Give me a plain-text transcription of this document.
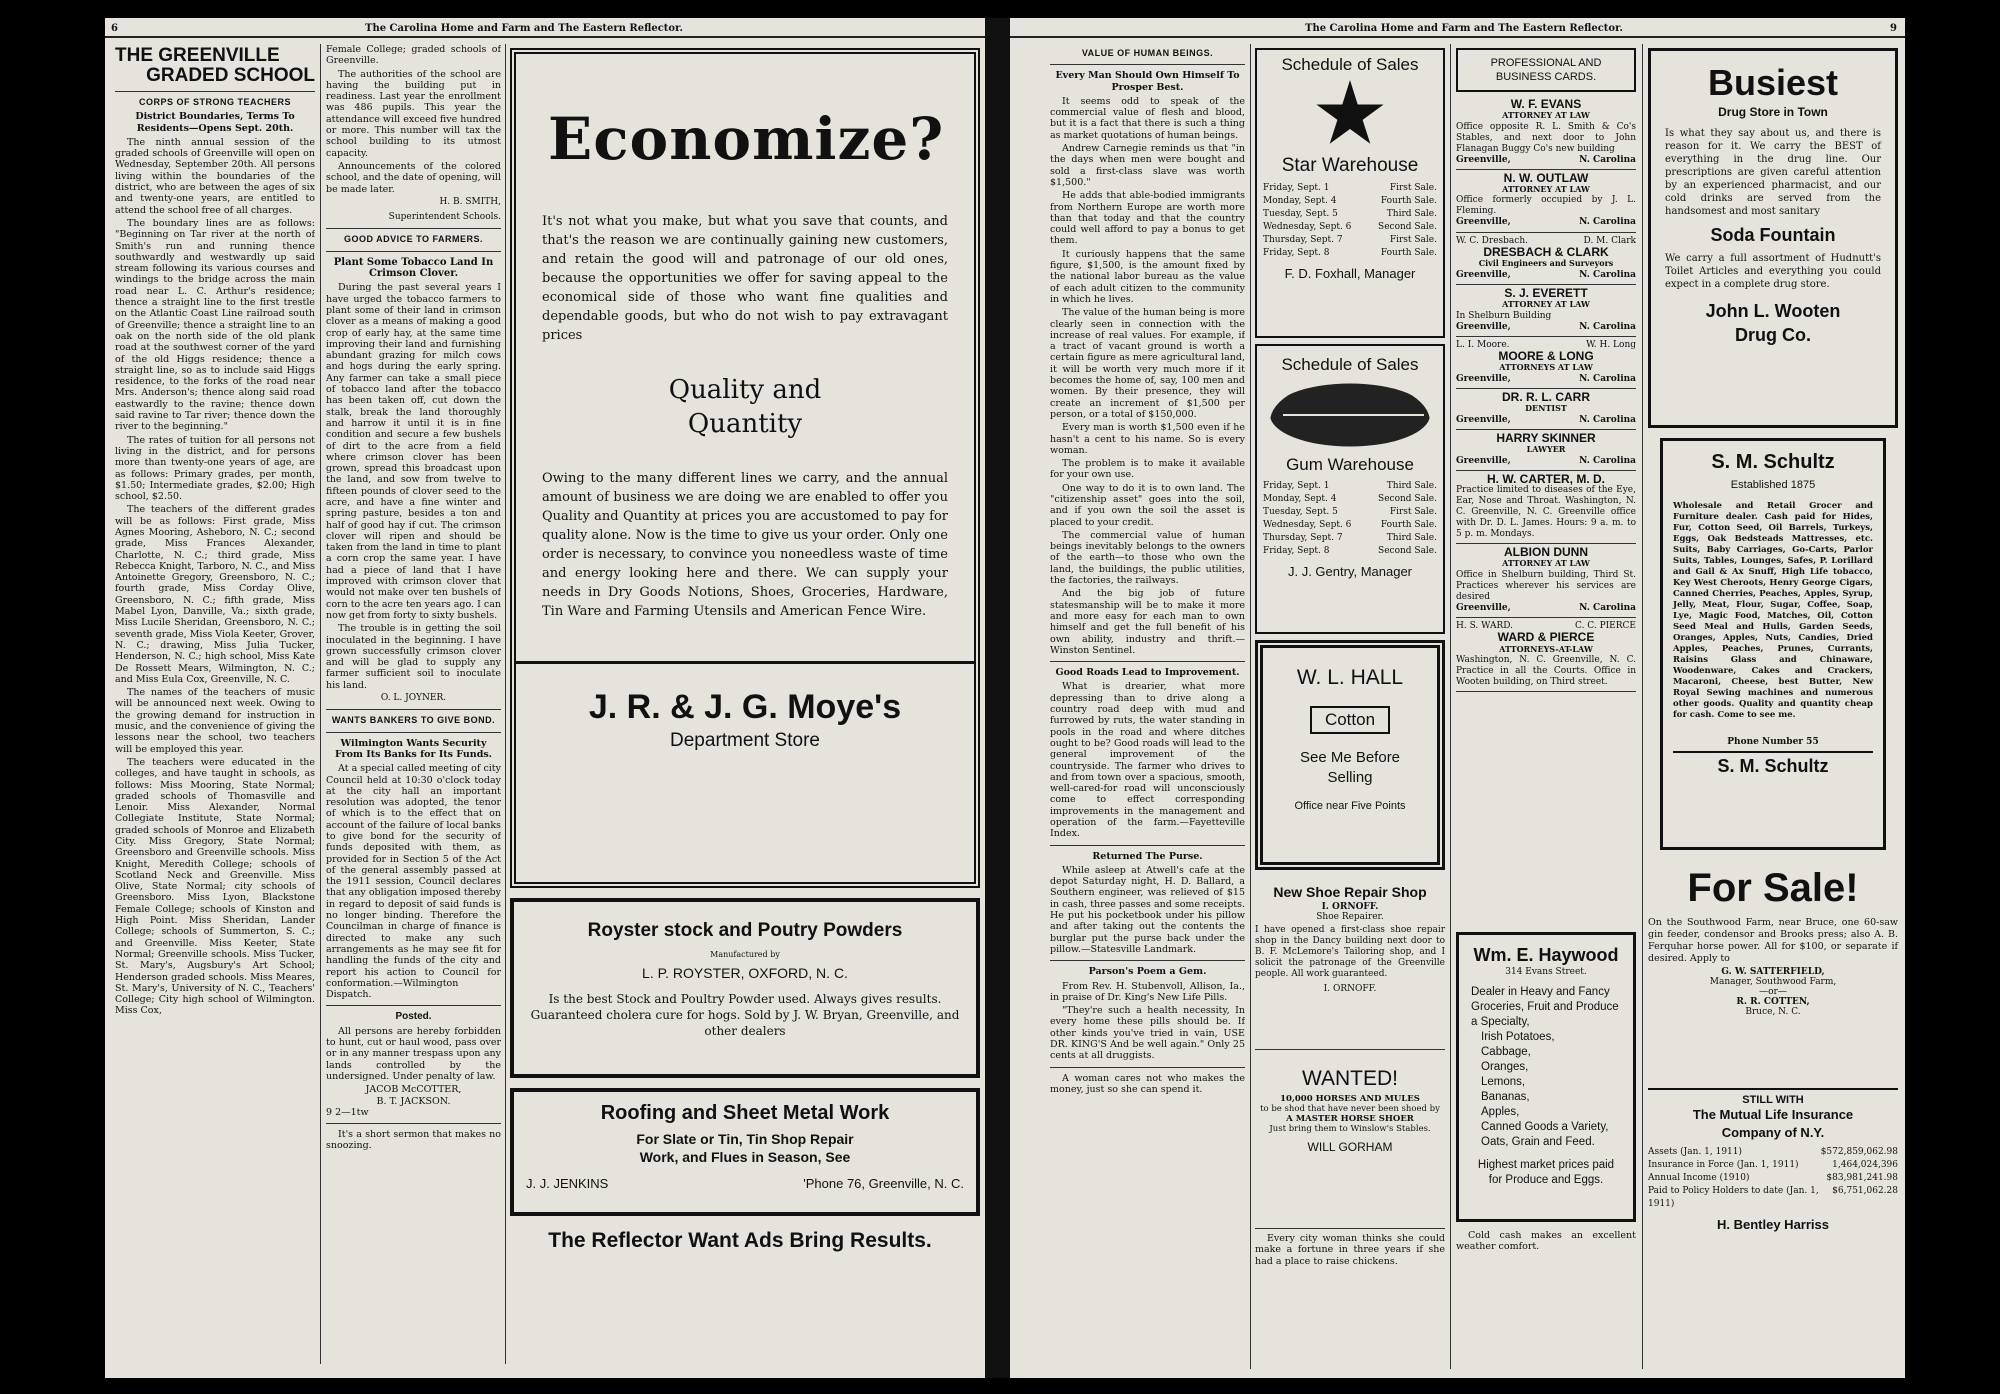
6	The Carolina Home and Farm and The Eastern Reflector.
THE GREENVILLE
GRADED SCHOOL
CORPS OF STRONG TEACHERS
District Boundaries, Terms To Residents—Opens Sept. 20th.

The ninth annual session of the graded schools of Greenville will open on Wednesday, September 20th. All persons living within the boundaries of the district, who are between the ages of six and twenty-one years, are entitled to attend the school free of all charges.

The boundary lines are as follows: "Beginning on Tar river at the north of Smith's run and running thence southwardly and westwardly up said stream following its various courses and windings to the bridge across the main road near L. C. Arthur's residence; thence a straight line to the first trestle on the Atlantic Coast Line railroad south of Greenville; thence a straight line to an oak on the north side of the old plank road at the southwest corner of the yard of the old Higgs residence; thence a straight line, so as to include said Higgs residence, to the forks of the road near Mrs. Anderson's; thence along said road eastwardly to the ravine; thence down said ravine to Tar river; thence down the river to the beginning."

The rates of tuition for all persons not living in the district, and for persons more than twenty-one years of age, are as follows: Primary grades, per month, $1.50; Intermediate grades, $2.00; High school, $2.50.

The teachers of the different grades will be as follows: First grade, Miss Agnes Mooring, Asheboro, N. C.; second grade, Miss Frances Alexander, Charlotte, N. C.; third grade, Miss Rebecca Knight, Tarboro, N. C., and Miss Antoinette Gregory, Greensboro, N. C.; fourth grade, Miss Corday Olive, Greensboro, N. C.; fifth grade, Miss Mabel Lyon, Danville, Va.; sixth grade, Miss Lucile Sheridan, Greensboro, N. C.; seventh grade, Miss Viola Keeter, Grover, N. C.; drawing, Miss Julia Tucker, Henderson, N. C.; high school, Miss Kate De Rossett Mears, Wilmington, N. C.; and Miss Eula Cox, Greenville, N. C.

The names of the teachers of music will be announced next week. Owing to the growing demand for instruction in music, and the convenience of giving the lessons near the school, two teachers will be employed this year.

The teachers were educated in the colleges, and have taught in schools, as follows: Miss Mooring, State Normal; graded schools of Thomasville and Lenoir. Miss Alexander, Normal Collegiate Institute, State Normal; graded schools of Monroe and Elizabeth City. Miss Gregory, State Normal; Greensboro and Greenville schools. Miss Knight, Meredith College; schools of Scotland Neck and Greenville. Miss Olive, State Normal; city schools of Greensboro. Miss Lyon, Blackstone Female College; schools of Kinston and High Point. Miss Sheridan, Lander College; schools of Summerton, S. C.; and Greenville. Miss Keeter, State Normal; Greenville schools. Miss Tucker, St. Mary's, Augsbury's Art School; Henderson graded schools. Miss Meares, St. Mary's, University of N. C., Teachers' College; City high school of Wilmington. Miss Cox,

Female College; graded schools of Greenville.

The authorities of the school are having the building put in readiness. Last year the enrollment was 486 pupils. This year the attendance will exceed five hundred or more. This number will tax the school building to its utmost capacity.

Announcements of the colored school, and the date of opening, will be made later.

H. B. SMITH,
Superintendent Schools.
GOOD ADVICE TO FARMERS.
Plant Some Tobacco Land In Crimson Clover.

During the past several years I have urged the tobacco farmers to plant some of their land in crimson clover as a means of making a good crop of early hay, at the same time improving their land and furnishing abundant grazing for milch cows and hogs during the early spring. Any farmer can take a small piece of tobacco land after the tobacco has been taken off, cut down the stalk, break the land thoroughly and harrow it until it is in fine condition and secure a few bushels of dirt to the acre from a field where crimson clover has been grown, spread this broadcast upon the land, and sow from twelve to fifteen pounds of clover seed to the acre, and have a fine winter and spring pasture, besides a ton and half of good hay if cut. The crimson clover will ripen and should be taken from the land in time to plant a corn crop the same year. I have had a piece of land that I have improved with crimson clover that would not make over ten bushels of corn to the acre ten years ago. I can now get from forty to sixty bushels.

The trouble is in getting the soil inoculated in the beginning. I have grown successfully crimson clover and will be glad to supply any farmer sufficient soil to inoculate his land.

O. L. JOYNER.
WANTS BANKERS TO GIVE BOND.
Wilmington Wants Security From Its Banks for Its Funds.

At a special called meeting of city Council held at 10:30 o'clock today at the city hall an important resolution was adopted, the tenor of which is to the effect that on account of the failure of local banks to give bond for the security of funds deposited with them, as provided for in Section 5 of the Act of the general assembly passed at the 1911 session, Council declares that any obligation imposed thereby in regard to deposit of said funds is no longer binding. Therefore the Councilman in charge of finance is directed to make any such arrangements as he may see fit for handling the funds of the city and report his action to Council for conformation.—Wilmington Dispatch.

Posted.

All persons are hereby forbidden to hunt, cut or haul wood, pass over or in any manner trespass upon any lands controlled by the undersigned. Under penalty of law.

JACOB McCOTTER,
B. T. JACKSON.
9 2—1tw

It's a short sermon that makes no snoozing.

Economize?
It's not what you make, but what you save that counts, and that's the reason we are continually gaining new customers, and retain the good will and patronage of our old ones, because the opportunities we offer for saving appeal to the economical side of those who want fine qualities and dependable goods, but who do not wish to pay extravagant prices
Quality and
Quantity
Owing to the many different lines we carry, and the annual amount of business we are doing we are enabled to offer you Quality and Quantity at prices you are accustomed to pay for quality alone. Now is the time to give us your order. Only one order is necessary, to convince you noneedless waste of time and energy looking here and there. We can supply your needs in Dry Goods Notions, Shoes, Groceries, Hardware, Tin Ware and Farming Utensils and American Fence Wire.
J. R. & J. G. Moye's
Department Store
Royster stock and Poutry Powders
Manufactured by
L. P. ROYSTER, OXFORD, N. C.
Is the best Stock and Poultry Powder used. Always gives results. Guaranteed cholera cure for hogs. Sold by J. W. Bryan, Greenville, and other dealers
Roofing and Sheet Metal Work
For Slate or Tin, Tin Shop Repair
Work, and Flues in Season, See
J. J. JENKINS	'Phone 76, Greenville, N. C.
The Reflector Want Ads Bring Results.
The Carolina Home and Farm and The Eastern Reflector.	9
VALUE OF HUMAN BEINGS.
Every Man Should Own Himself To Prosper Best.

It seems odd to speak of the commercial value of flesh and blood, but it is a fact that there is such a thing as market quotations of human beings.

Andrew Carnegie reminds us that "in the days when men were bought and sold a first-class slave was worth $1,500."

He adds that able-bodied immigrants from Northern Europe are worth more than that today and that the country could well afford to pay a bonus to get them.

It curiously happens that the same figure, $1,500, is the amount fixed by the national labor bureau as the value of each adult citizen to the community in which he lives.

The value of the human being is more clearly seen in connection with the increase of real values. For example, if a tract of vacant ground is worth a certain figure as mere agricultural land, it will be worth very much more if it becomes the home of, say, 100 men and women. By their presence, they will create an increment of $1,500 per person, or a total of $150,000.

Every man is worth $1,500 even if he hasn't a cent to his name. So is every woman.

The problem is to make it available for your own use.

One way to do it is to own land. The "citizenship asset" goes into the soil, and if you own the soil the asset is placed to your credit.

The commercial value of human beings inevitably belongs to the owners of the earth—to those who own the land, the buildings, the public utilities, the factories, the railways.

And the big job of future statesmanship will be to make it more and more easy for each man to own himself and get the full benefit of his own ability, industry and thrift.—Winston Sentinel.

Good Roads Lead to Improvement.

What is drearier, what more depressing than to drive along a country road deep with mud and furrowed by ruts, the water standing in pools in the road and where ditches ought to be? Good roads will lead to the general improvement of the countryside. The farmer who drives to and from town over a spacious, smooth, well-cared-for road will unconsciously come to effect corresponding improvements in the management and operation of the farm.—Fayetteville Index.

Returned The Purse.

While asleep at Atwell's cafe at the depot Saturday night, H. D. Ballard, a Southern engineer, was relieved of $15 in cash, three passes and some receipts. He put his pocketbook under his pillow and after taking out the contents the burglar put the purse back under the pillow.—Statesville Landmark.

Parson's Poem a Gem.

From Rev. H. Stubenvoll, Allison, Ia., in praise of Dr. King's New Life Pills.

"They're such a health necessity, In every home these pills should be. If other kinds you've tried in vain, USE DR. KING'S And be well again." Only 25 cents at all druggists.

A woman cares not who makes the money, just so she can spend it.

Schedule of Sales
Star Warehouse
Friday, Sept. 1	First Sale.
Monday, Sept. 4	Fourth Sale.
Tuesday, Sept. 5	Third Sale.
Wednesday, Sept. 6	Second Sale.
Thursday, Sept. 7	First Sale.
Friday, Sept. 8	Fourth Sale.
F. D. Foxhall, Manager
Schedule of Sales
Gum Warehouse
Friday, Sept. 1	Third Sale.
Monday, Sept. 4	Second Sale.
Tuesday, Sept. 5	First Sale.
Wednesday, Sept. 6	Fourth Sale.
Thursday, Sept. 7	Third Sale.
Friday, Sept. 8	Second Sale.
J. J. Gentry, Manager
W. L. HALL
Cotton
See Me Before
Selling
Office near Five Points
New Shoe Repair Shop
I. ORNOFF.
Shoe Repairer.
I have opened a first-class shoe repair shop in the Dancy building next door to B. F. McLemore's Tailoring shop, and I solicit the patronage of the Greenville people. All work guaranteed.
I. ORNOFF.
WANTED!
10,000 HORSES AND MULES
to be shod that have never been shoed by
A MASTER HORSE SHOER
Just bring them to Winslow's Stables.
WILL GORHAM

Every city woman thinks she could make a fortune in three years if she had a place to raise chickens.

PROFESSIONAL AND
BUSINESS CARDS.
W. F. EVANS
ATTORNEY AT LAW
Office opposite R. L. Smith & Co's Stables, and next door to John Flanagan Buggy Co's new building
Greenville,	N. Carolina
N. W. OUTLAW
ATTORNEY AT LAW
Office formerly occupied by J. L. Fleming.
Greenville,	N. Carolina
W. C. Dresbach.	D. M. Clark
DRESBACH & CLARK
Civil Engineers and Surveyors
Greenville,	N. Carolina
S. J. EVERETT
ATTORNEY AT LAW
In Shelburn Building
Greenville,	N. Carolina
L. I. Moore.	W. H. Long
MOORE & LONG
ATTORNEYS AT LAW
Greenville,	N. Carolina
DR. R. L. CARR
DENTIST
Greenville,	N. Carolina
HARRY SKINNER
LAWYER
Greenville,	N. Carolina
H. W. CARTER, M. D.
Practice limited to diseases of the Eye, Ear, Nose and Throat. Washington, N. C. Greenville, N. C. Greenville office with Dr. D. L. James. Hours: 9 a. m. to 5 p. m. Mondays.
ALBION DUNN
ATTORNEY AT LAW
Office in Shelburn building, Third St. Practices wherever his services are desired
Greenville,	N. Carolina
H. S. WARD.	C. C. PIERCE
WARD & PIERCE
ATTORNEYS-AT-LAW
Washington, N. C. Greenville, N. C. Practice in all the Courts. Office in Wooten building, on Third street.
Wm. E. Haywood
314 Evans Street.
Dealer in Heavy and Fancy Groceries, Fruit and Produce a Specialty,
Irish Potatoes,
Cabbage,
Oranges,
Lemons,
Bananas,
Apples,
Canned Goods a Variety, Oats, Grain and Feed.
Highest market prices paid for Produce and Eggs.

Cold cash makes an excellent weather comfort.

Busiest
Drug Store in Town
Is what they say about us, and there is reason for it. We carry the BEST of everything in the drug line. Our prescriptions are given careful attention by an experienced pharmacist, and our cold drinks are served from the handsomest and most sanitary
Soda Fountain
We carry a full assortment of Hudnutt's Toilet Articles and everything you could expect in a complete drug store.
John L. Wooten
Drug Co.
S. M. Schultz
Established 1875
Wholesale and Retail Grocer and Furniture dealer. Cash paid for Hides, Fur, Cotton Seed, Oil Barrels, Turkeys, Eggs, Oak Bedsteads Mattresses, etc. Suits, Baby Carriages, Go-Carts, Parlor Suits, Tables, Lounges, Safes, P. Lorillard and Gail & Ax Snuff, High Life tobacco, Key West Cheroots, Henry George Cigars, Canned Cherries, Peaches, Apples, Syrup, Jelly, Meat, Flour, Sugar, Coffee, Soap, Lye, Magic Food, Matches, Oil, Cotton Seed Meal and Hulls, Garden Seeds, Oranges, Apples, Nuts, Candies, Dried Apples, Peaches, Prunes, Currants, Raisins Glass and Chinaware, Woodenware, Cakes and Crackers, Macaroni, Cheese, best Butter, New Royal Sewing machines and numerous other goods. Quality and quantity cheap for cash. Come to see me.
Phone Number 55
S. M. Schultz
For Sale!
On the Southwood Farm, near Bruce, one 60-saw gin feeder, condensor and Brooks press; also A. B. Ferquhar horse power. All for $100, or separate if desired. Apply to
G. W. SATTERFIELD,
Manager, Southwood Farm,
—or—
R. R. COTTEN,
Bruce, N. C.
STILL WITH
The Mutual Life Insurance
Company of N.Y.
Assets (Jan. 1, 1911)	$572,859,062.98
Insurance in Force (Jan. 1, 1911)	1,464,024,396
Annual Income (1910)	$83,981,241.98
Paid to Policy Holders to date (Jan. 1, 1911)
$6,751,062.28
H. Bentley Harriss
